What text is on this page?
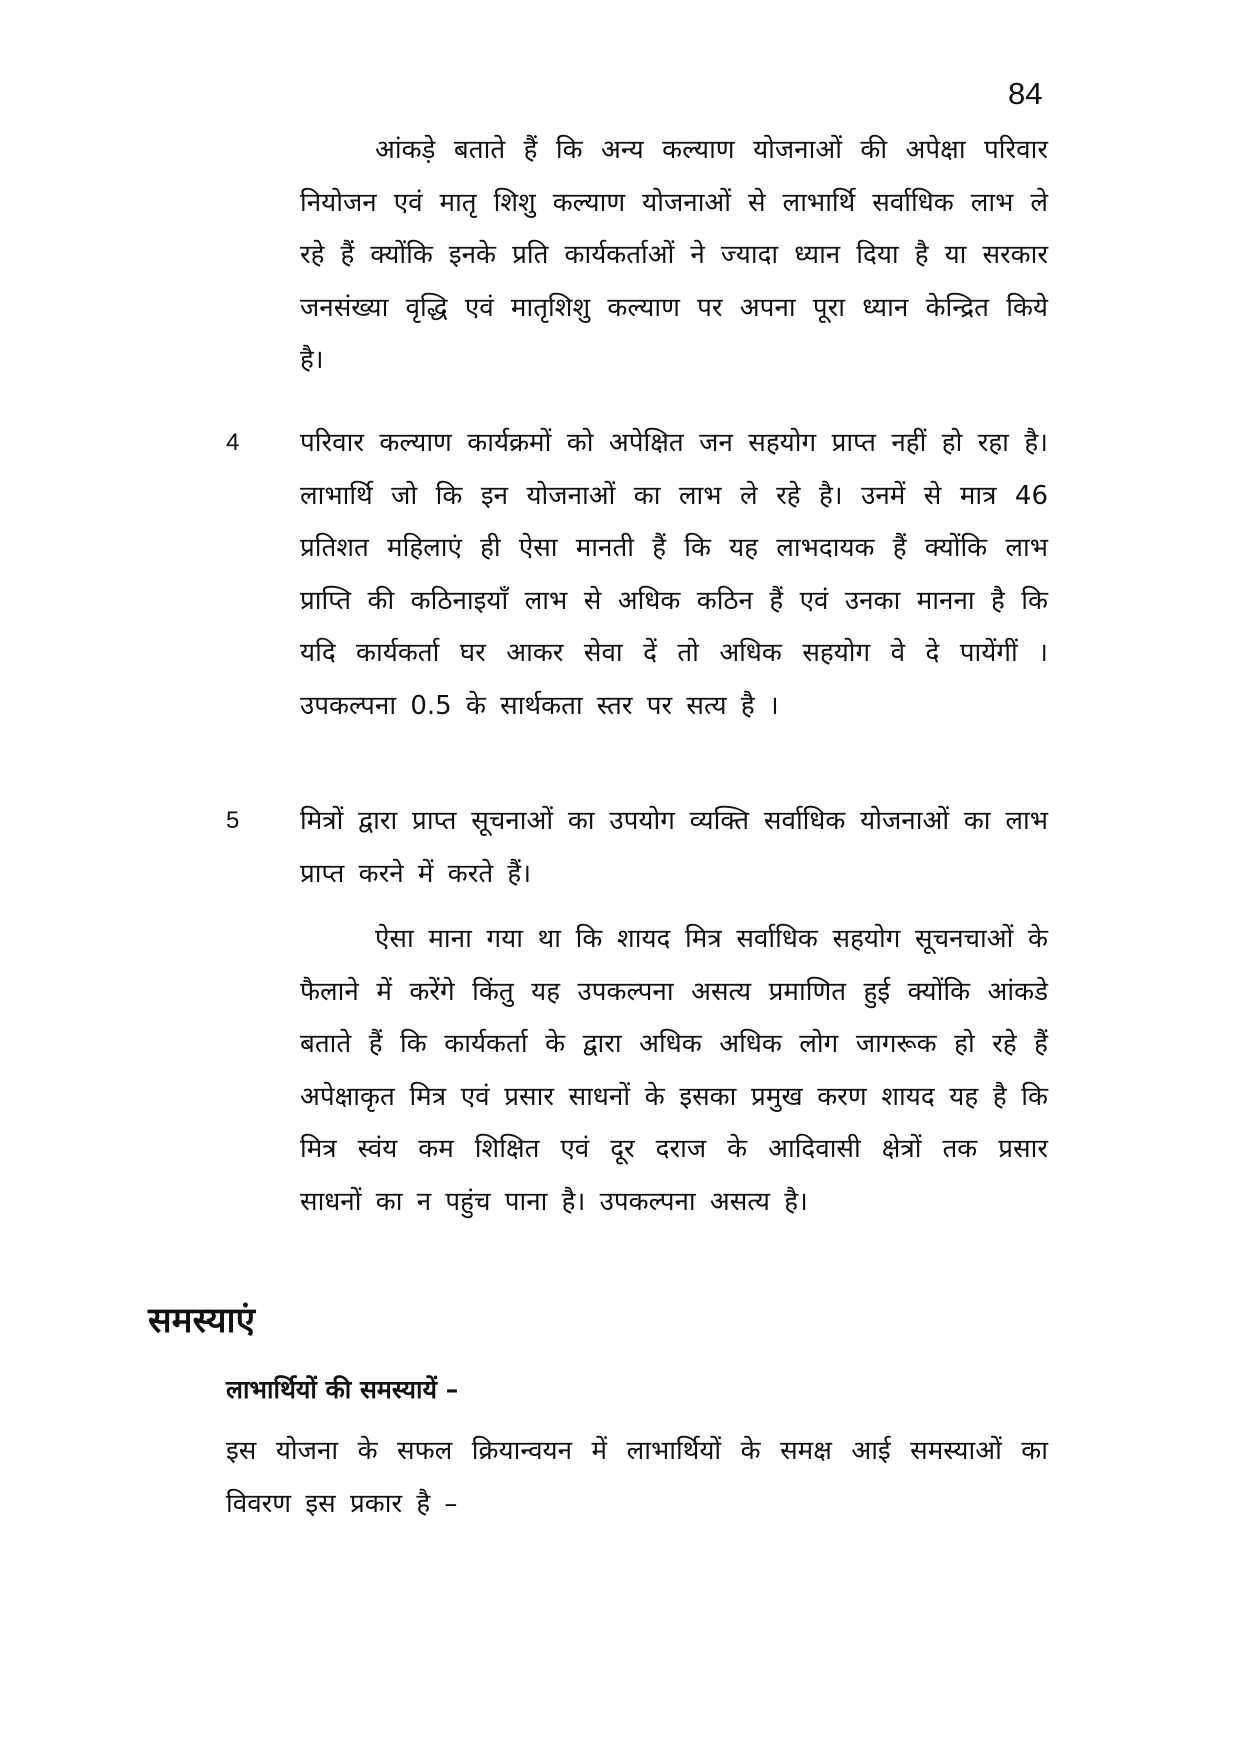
84

आंकड़े बताते हैं कि अन्य कल्याण योजनाओं की अपेक्षा परिवार नियोजन एवं मातृ शिशु कल्याण योजनाओं से लाभार्थि सर्वाधिक लाभ ले रहे हैं क्योंकि इनके प्रति कार्यकर्ताओं ने ज्यादा ध्यान दिया है या सरकार जनसंख्या वृद्धि एवं मातृशिशु कल्याण पर अपना पूरा ध्यान केन्द्रित किये है।

4 परिवार कल्याण कार्यक्रमों को अपेक्षित जन सहयोग प्राप्त नहीं हो रहा है। लाभार्थि जो कि इन योजनाओं का लाभ ले रहे है। उनमें से मात्र 46 प्रतिशत महिलाएं ही ऐसा मानती हैं कि यह लाभदायक हैं क्योंकि लाभ प्राप्ति की कठिनाइयाँ लाभ से अधिक कठिन हैं एवं उनका मानना है कि यदि कार्यकर्ता घर आकर सेवा दें तो अधिक सहयोग वे दे पायेंगीं । उपकल्पना 0.5 के सार्थकता स्तर पर सत्य है ।

5 मित्रों द्वारा प्राप्त सूचनाओं का उपयोग व्यक्ति सर्वाधिक योजनाओं का लाभ प्राप्त करने में करते हैं।

ऐसा माना गया था कि शायद मित्र सर्वाधिक सहयोग सूचनचाओं के फैलाने में करेंगे किंतु यह उपकल्पना असत्य प्रमाणित हुई क्योंकि आंकडे बताते हैं कि कार्यकर्ता के द्वारा अधिक अधिक लोग जागरूक हो रहे हैं अपेक्षाकृत मित्र एवं प्रसार साधनों के इसका प्रमुख करण शायद यह है कि मित्र स्वंय कम शिक्षित एवं दूर दराज के आदिवासी क्षेत्रों तक प्रसार साधनों का न पहुंच पाना है। उपकल्पना असत्य है।

समस्याएं
लाभार्थियों की समस्यायें –

इस योजना के सफल क्रियान्वयन में लाभार्थियों के समक्ष आई समस्याओं का विवरण इस प्रकार है –
